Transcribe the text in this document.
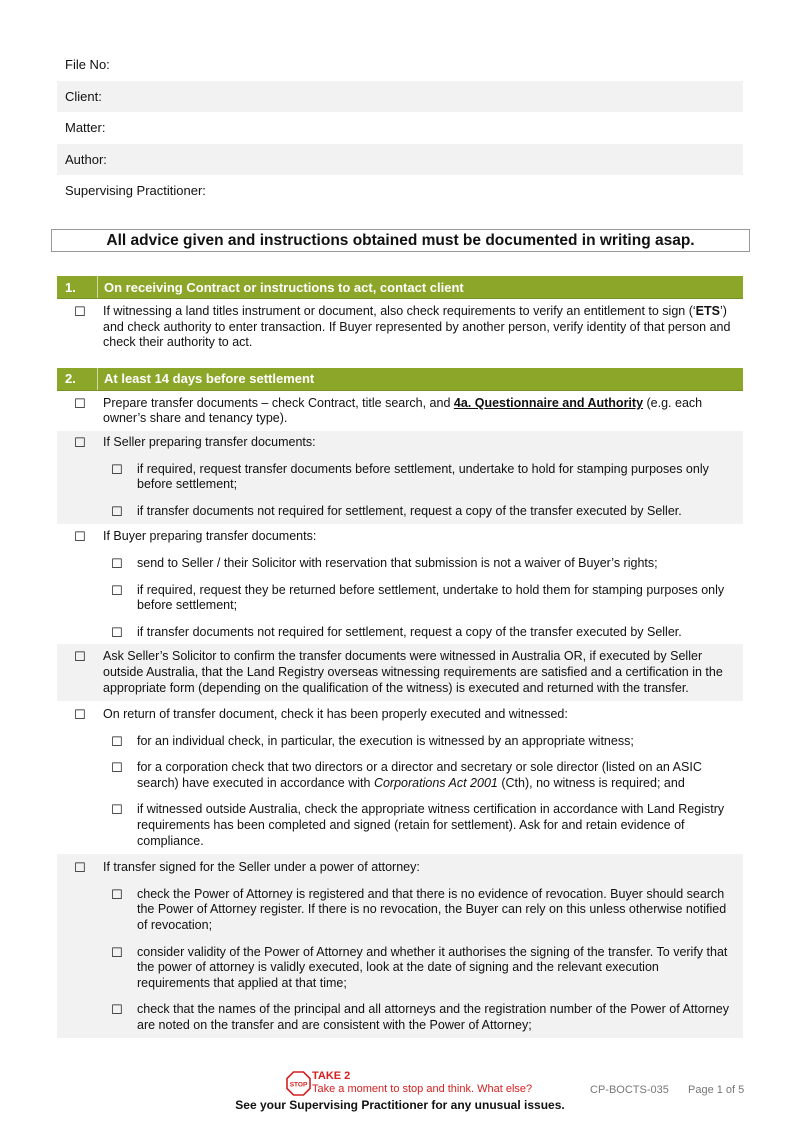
File No:
Client:
Matter:
Author:
Supervising Practitioner:
All advice given and instructions obtained must be documented in writing asap.
1.	On receiving Contract or instructions to act, contact client
☐	If witnessing a land titles instrument or document, also check requirements to verify an entitlement to sign (‘ETS’) and check authority to enter transaction. If Buyer represented by another person, verify identity of that person and check their authority to act.
2.	At least 14 days before settlement
☐	Prepare transfer documents – check Contract, title search, and 4a. Questionnaire and Authority (e.g. each owner’s share and tenancy type).
☐	If Seller preparing transfer documents:
☐	if required, request transfer documents before settlement, undertake to hold for stamping purposes only before settlement;
☐	if transfer documents not required for settlement, request a copy of the transfer executed by Seller.
☐	If Buyer preparing transfer documents:
☐	send to Seller / their Solicitor with reservation that submission is not a waiver of Buyer’s rights;
☐	if required, request they be returned before settlement, undertake to hold them for stamping purposes only before settlement;
☐	if transfer documents not required for settlement, request a copy of the transfer executed by Seller.
☐	Ask Seller’s Solicitor to confirm the transfer documents were witnessed in Australia OR, if executed by Seller outside Australia, that the Land Registry overseas witnessing requirements are satisfied and a certification in the appropriate form (depending on the qualification of the witness) is executed and returned with the transfer.
☐	On return of transfer document, check it has been properly executed and witnessed:
☐	for an individual check, in particular, the execution is witnessed by an appropriate witness;
☐	for a corporation check that two directors or a director and secretary or sole director (listed on an ASIC search) have executed in accordance with Corporations Act 2001 (Cth), no witness is required; and
☐	if witnessed outside Australia, check the appropriate witness certification in accordance with Land Registry requirements has been completed and signed (retain for settlement). Ask for and retain evidence of compliance.
☐	If transfer signed for the Seller under a power of attorney:
☐	check the Power of Attorney is registered and that there is no evidence of revocation. Buyer should search the Power of Attorney register. If there is no revocation, the Buyer can rely on this unless otherwise notified of revocation;
☐	consider validity of the Power of Attorney and whether it authorises the signing of the transfer. To verify that the power of attorney is validly executed, look at the date of signing and the relevant execution requirements that applied at that time;
☐	check that the names of the principal and all attorneys and the registration number of the Power of Attorney are noted on the transfer and are consistent with the Power of Attorney;
STOP
TAKE 2
Take a moment to stop and think. What else?	CP-BOCTS-035 Page 1 of 5
See your Supervising Practitioner for any unusual issues.
